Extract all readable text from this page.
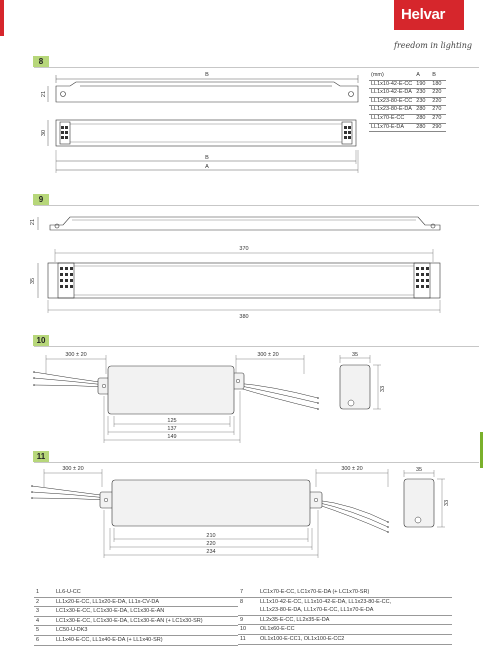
Helvar
freedom in lighting
8
9
10
11
B
21
30
B
A
(mm)	A	B
LL1x10-42-E-CC	190	180
LL1x10-42-E-DA	230	220
LL1x23-80-E-CC	230	220
LL1x23-80-E-DA	280	270
LL1x70-E-CC	280	270
LL1x70-E-DA	280	290
21
370
35
380
300 ± 20	300 ± 20
125
137
149
35
33
300 ± 20	300 ± 20
210
220
234
35
33
1	LL6-U-CC
2	LL1x20-E-CC, LL1x20-E-DA, LL1x-CV-DA
3	LC1x30-E-CC, LC1x30-E-DA, LC1x30-E-AN
4	LC1x30-E-CC, LC1x30-E-DA, LC1x30-E-AN (+ LC1x30-SR)
5	LC50-U-DK3
6	LL1x40-E-CC, LL1x40-E-DA (+ LL1x40-SR)
7	LC1x70-E-CC, LC1x70-E-DA (+ LC1x70-SR)
8	LL1x10-42-E-CC, LL1x10-42-E-DA, LL1x23-80-E-CC,
	LL1x23-80-E-DA, LL1x70-E-CC, LL1x70-E-DA
9	LL2x35-E-CC, LL2x35-E-DA
10	OL1x60-E-CC
11	OL1x100-E-CC1, OL1x100-E-CC2
